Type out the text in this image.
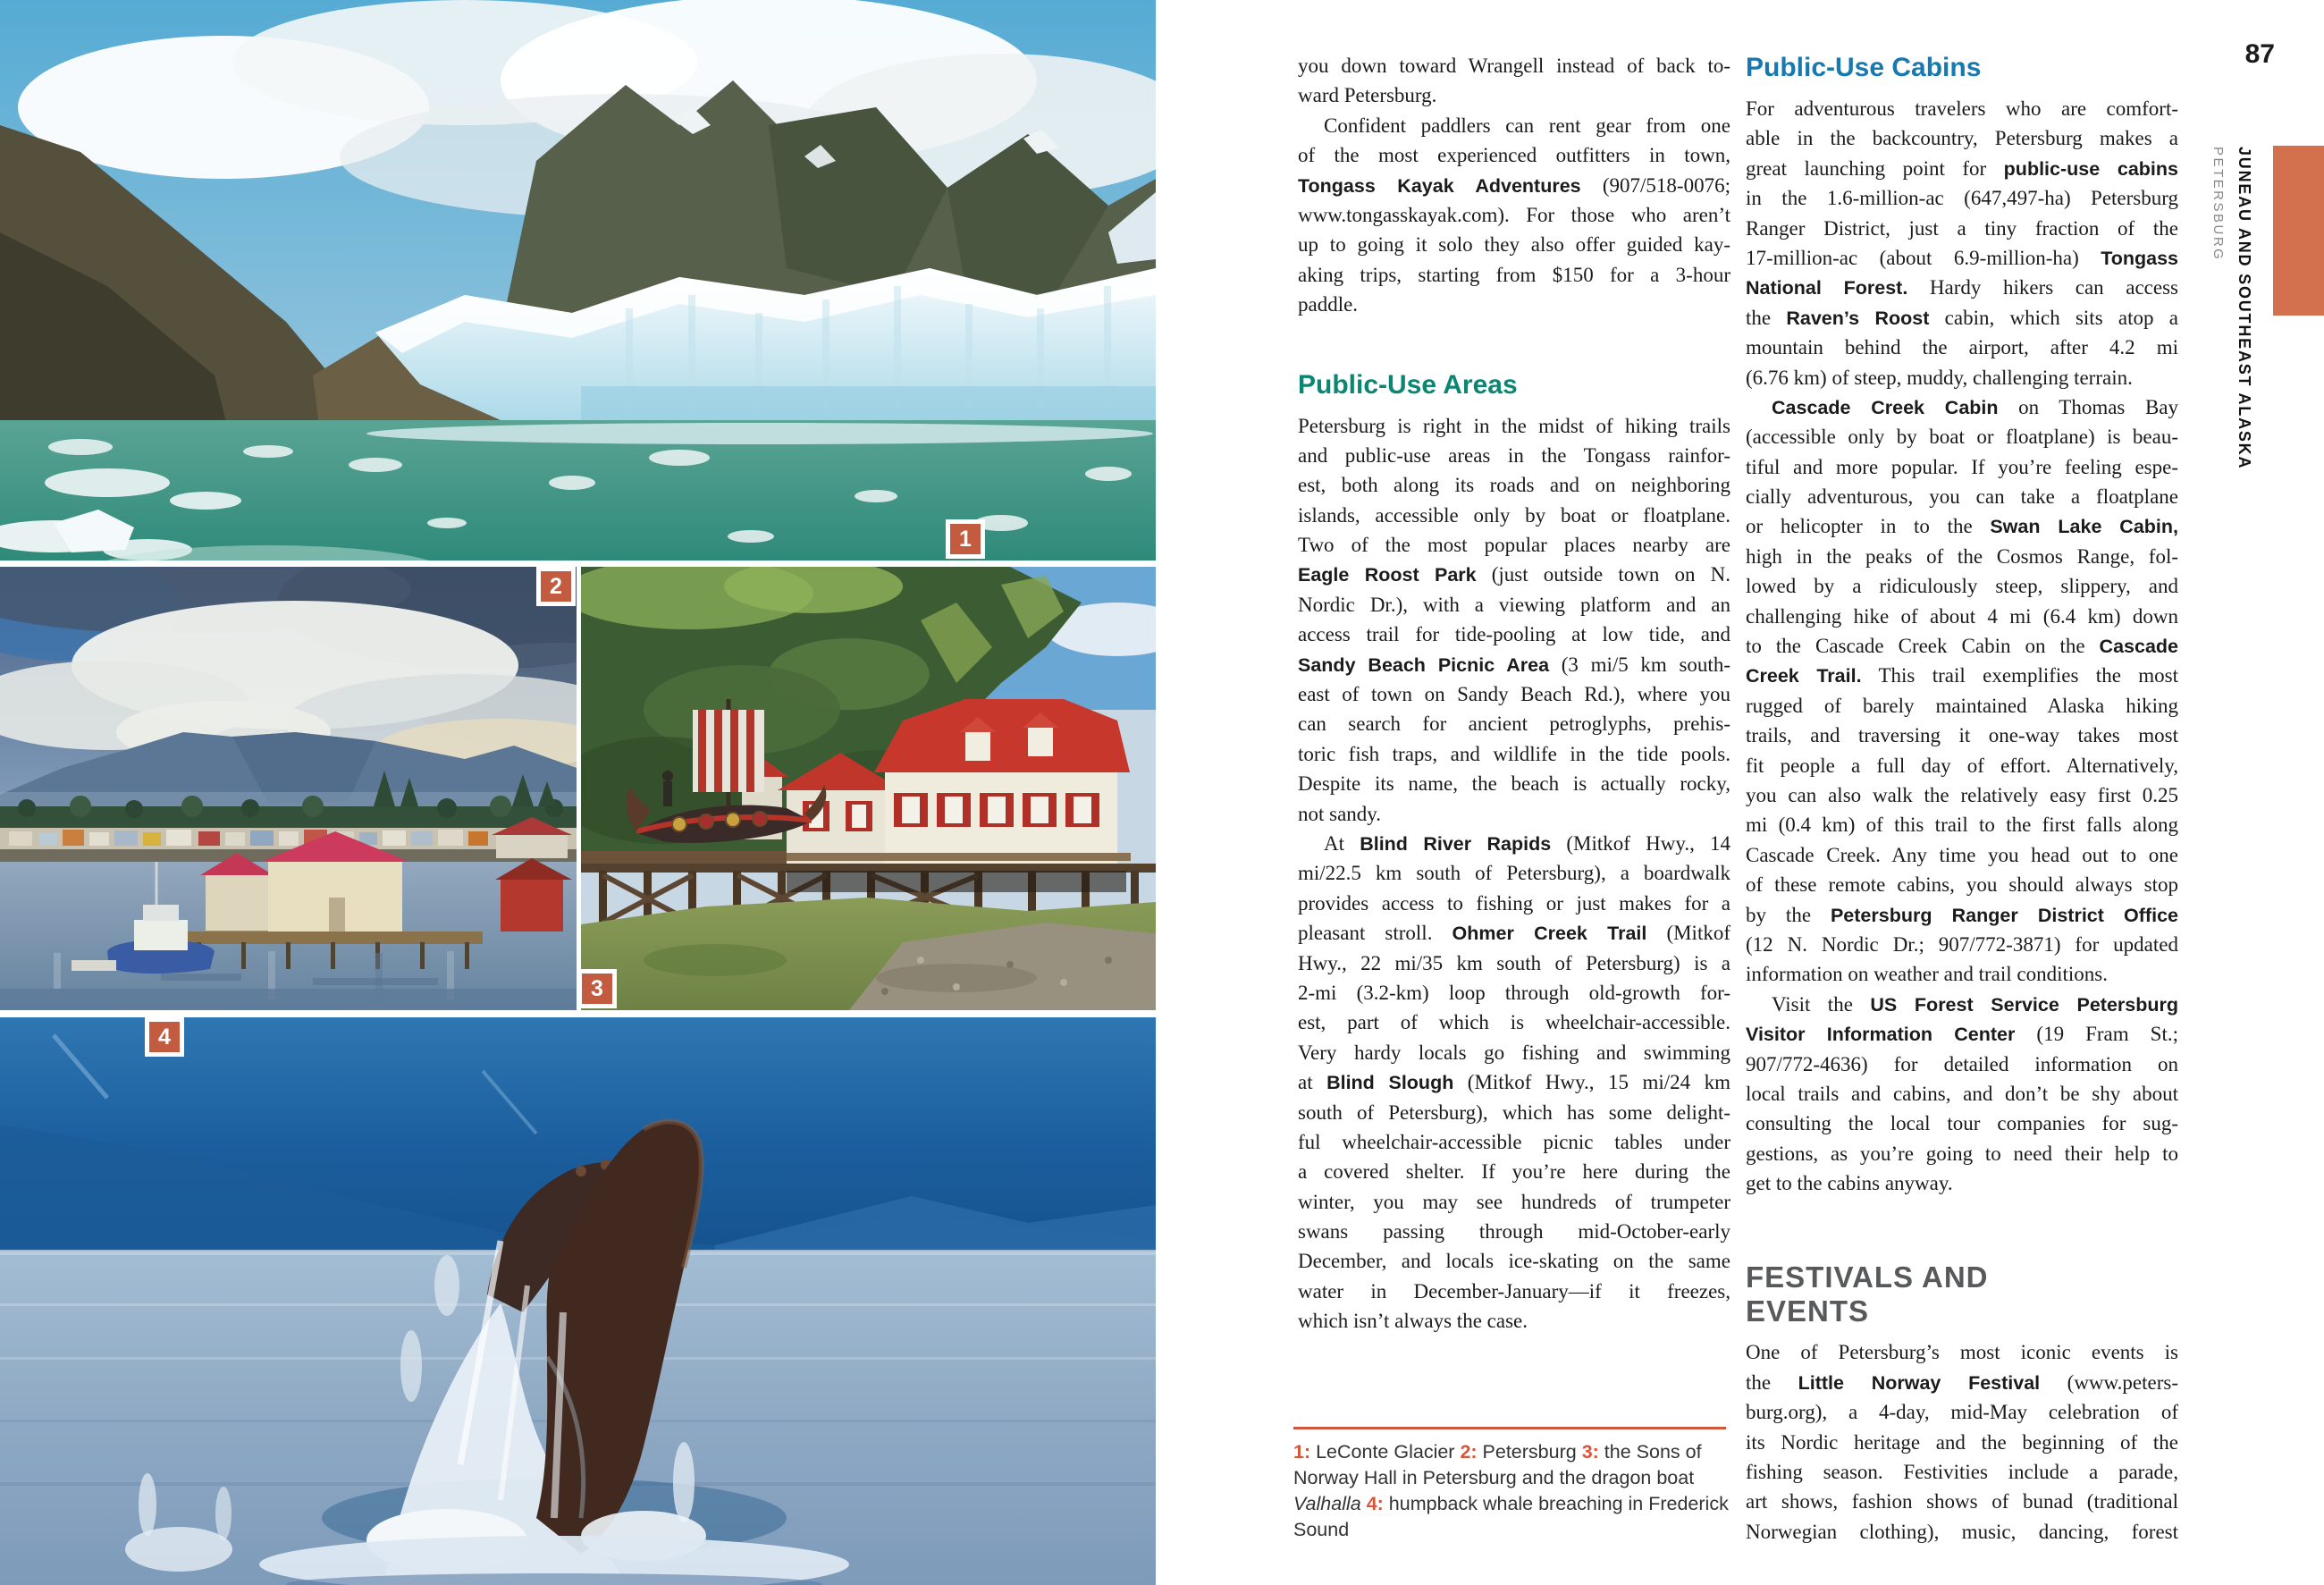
1
2
3
4
you down toward Wrangell instead of back to-
ward Petersburg.
Confident paddlers can rent gear from one
of the most experienced outfitters in town,
Tongass Kayak Adventures (907/518-0076;
www.tongasskayak.com). For those who aren’t
up to going it solo they also offer guided kay-
aking trips, starting from $150 for a 3-hour
paddle.
Public-Use Areas
Petersburg is right in the midst of hiking trails
and public-use areas in the Tongass rainfor-
est, both along its roads and on neighboring
islands, accessible only by boat or floatplane.
Two of the most popular places nearby are
Eagle Roost Park (just outside town on N.
Nordic Dr.), with a viewing platform and an
access trail for tide-pooling at low tide, and
Sandy Beach Picnic Area (3 mi/5 km south-
east of town on Sandy Beach Rd.), where you
can search for ancient petroglyphs, prehis-
toric fish traps, and wildlife in the tide pools.
Despite its name, the beach is actually rocky,
not sandy.
At Blind River Rapids (Mitkof Hwy., 14
mi/22.5 km south of Petersburg), a boardwalk
provides access to fishing or just makes for a
pleasant stroll. Ohmer Creek Trail (Mitkof
Hwy., 22 mi/35 km south of Petersburg) is a
2-mi (3.2-km) loop through old-growth for-
est, part of which is wheelchair-accessible.
Very hardy locals go fishing and swimming
at Blind Slough (Mitkof Hwy., 15 mi/24 km
south of Petersburg), which has some delight-
ful wheelchair-accessible picnic tables under
a covered shelter. If you’re here during the
winter, you may see hundreds of trumpeter
swans passing through mid-October-early
December, and locals ice-skating on the same
water in December-January—if it freezes,
which isn’t always the case.
Public-Use Cabins
For adventurous travelers who are comfort-
able in the backcountry, Petersburg makes a
great launching point for public-use cabins
in the 1.6-million-ac (647,497-ha) Petersburg
Ranger District, just a tiny fraction of the
17-million-ac (about 6.9-million-ha) Tongass
National Forest. Hardy hikers can access
the Raven’s Roost cabin, which sits atop a
mountain behind the airport, after 4.2 mi
(6.76 km) of steep, muddy, challenging terrain.
Cascade Creek Cabin on Thomas Bay
(accessible only by boat or floatplane) is beau-
tiful and more popular. If you’re feeling espe-
cially adventurous, you can take a floatplane
or helicopter in to the Swan Lake Cabin,
high in the peaks of the Cosmos Range, fol-
lowed by a ridiculously steep, slippery, and
challenging hike of about 4 mi (6.4 km) down
to the Cascade Creek Cabin on the Cascade
Creek Trail. This trail exemplifies the most
rugged of barely maintained Alaska hiking
trails, and traversing it one-way takes most
fit people a full day of effort. Alternatively,
you can also walk the relatively easy first 0.25
mi (0.4 km) of this trail to the first falls along
Cascade Creek. Any time you head out to one
of these remote cabins, you should always stop
by the Petersburg Ranger District Office
(12 N. Nordic Dr.; 907/772-3871) for updated
information on weather and trail conditions.
Visit the US Forest Service Petersburg
Visitor Information Center (19 Fram St.;
907/772-4636) for detailed information on
local trails and cabins, and don’t be shy about
consulting the local tour companies for sug-
gestions, as you’re going to need their help to
get to the cabins anyway.
FESTIVALS AND
EVENTS
One of Petersburg’s most iconic events is
the Little Norway Festival (www.peters-
burg.org), a 4-day, mid-May celebration of
its Nordic heritage and the beginning of the
fishing season. Festivities include a parade,
art shows, fashion shows of bunad (traditional
Norwegian clothing), music, dancing, forest
1: LeConte Glacier 2: Petersburg 3: the Sons of Norway Hall in Petersburg and the dragon boat Valhalla 4: humpback whale breaching in Frederick Sound
87
JUNEAU AND SOUTHEAST ALASKA
PETERSBURG
